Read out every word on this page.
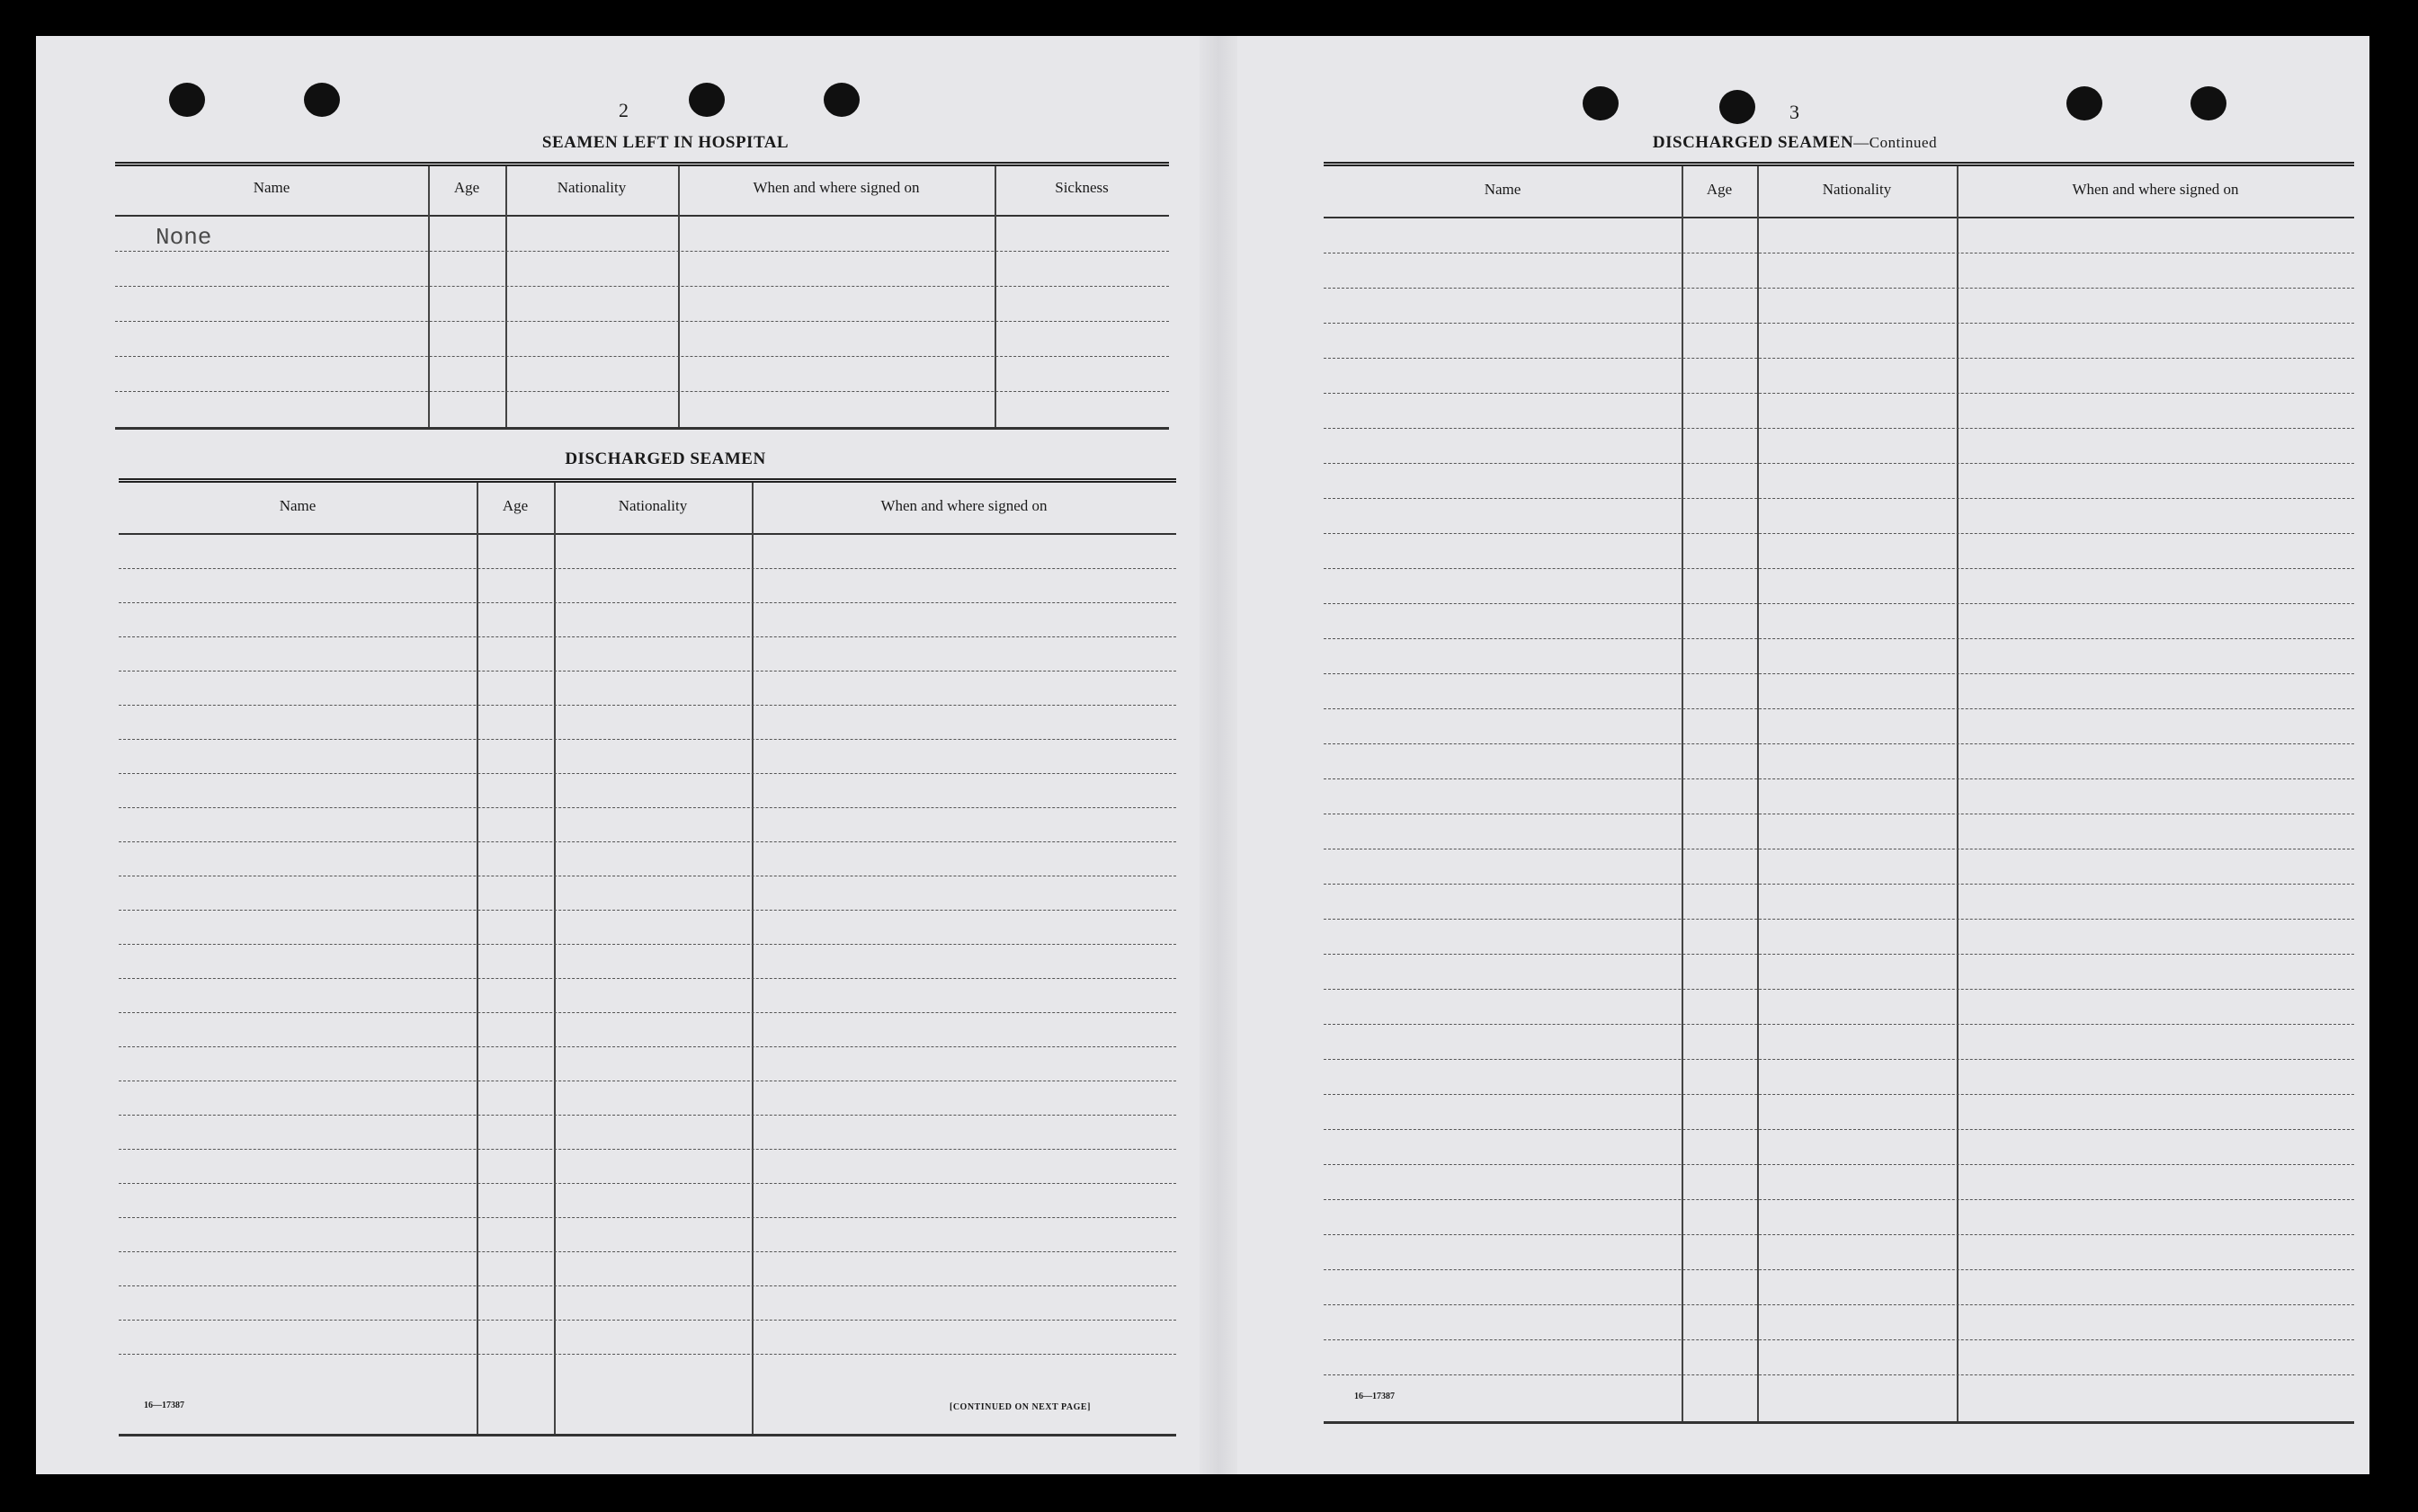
2
SEAMEN LEFT IN HOSPITAL
Name	Age	Nationality	When and where signed on	Sickness
None
DISCHARGED SEAMEN
Name	Age	Nationality	When and where signed on
16—17387	[CONTINUED ON NEXT PAGE]
3
DISCHARGED SEAMEN—Continued
Name	Age	Nationality	When and where signed on
16—17387
